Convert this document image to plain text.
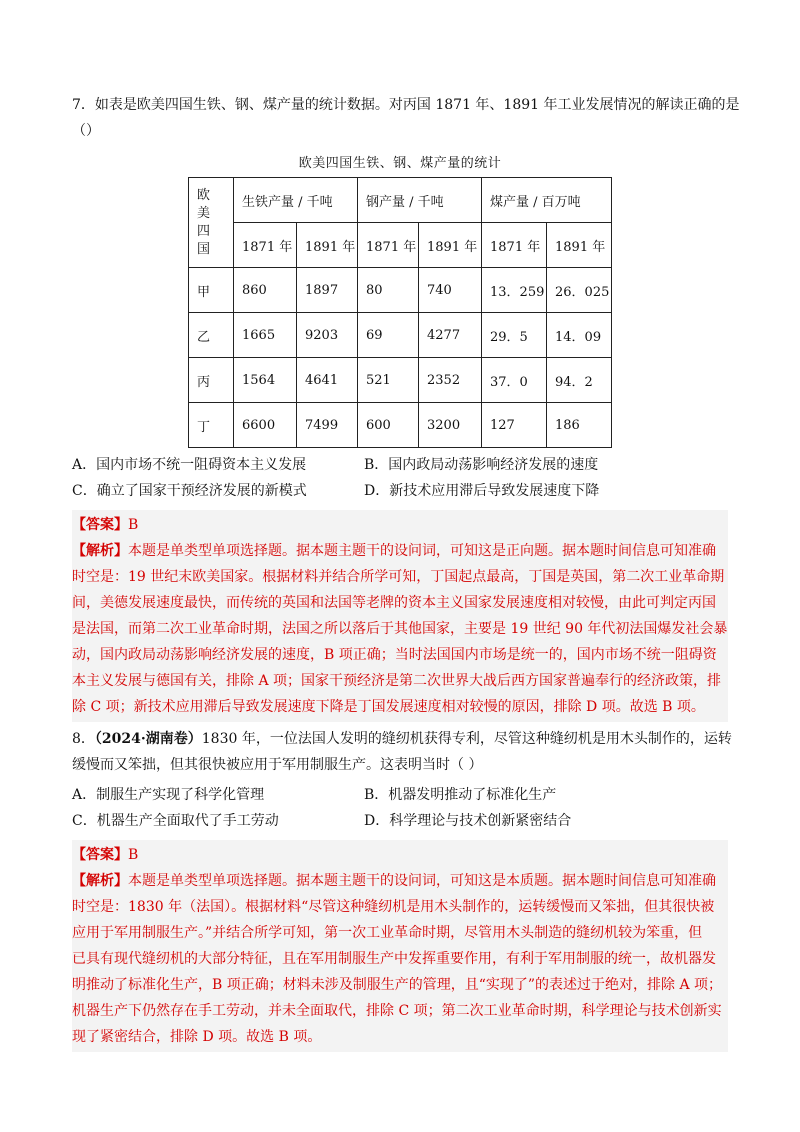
7．如表是欧美四国生铁、钢、煤产量的统计数据。对丙国 1871 年、1891 年工业发展情况的解读正确的是
（）
欧美四国生铁、钢、煤产量的统计
欧美四国	生铁产量 / 千吨		钢产量 / 千吨		煤产量 / 百万吨	
	1871 年	1891 年	1871 年	1891 年	1871 年	1891 年
甲	860	1897	80	740	13．259	26．025
乙	1665	9203	69	4277	29．5	14．09
丙	1564	4641	521	2352	37．0	94．2
丁	6600	7499	600	3200	127	186
A．国内市场不统一阻碍资本主义发展	B．国内政局动荡影响经济发展的速度
C．确立了国家干预经济发展的新模式	D．新技术应用滞后导致发展速度下降
【答案】B
【解析】本题是单类型单项选择题。据本题主题干的设问词，可知这是正向题。据本题时间信息可知准确
时空是：19 世纪末欧美国家。根据材料并结合所学可知，丁国起点最高，丁国是英国，第二次工业革命期
间，美德发展速度最快，而传统的英国和法国等老牌的资本主义国家发展速度相对较慢，由此可判定丙国
是法国，而第二次工业革命时期，法国之所以落后于其他国家，主要是 19 世纪 90 年代初法国爆发社会暴
动，国内政局动荡影响经济发展的速度，B 项正确；当时法国国内市场是统一的，国内市场不统一阻碍资
本主义发展与德国有关，排除 A 项；国家干预经济是第二次世界大战后西方国家普遍奉行的经济政策，排
除 C 项；新技术应用滞后导致发展速度下降是丁国发展速度相对较慢的原因，排除 D 项。故选 B 项。
8．（2024·湖南卷）1830 年，一位法国人发明的缝纫机获得专利，尽管这种缝纫机是用木头制作的，运转
缓慢而又笨拙，但其很快被应用于军用制服生产。这表明当时（ ）
A．制服生产实现了科学化管理	B．机器发明推动了标准化生产
C．机器生产全面取代了手工劳动	D．科学理论与技术创新紧密结合
【答案】B
【解析】本题是单类型单项选择题。据本题主题干的设问词，可知这是本质题。据本题时间信息可知准确
时空是：1830 年（法国）。根据材料“尽管这种缝纫机是用木头制作的，运转缓慢而又笨拙，但其很快被
应用于军用制服生产。”并结合所学可知，第一次工业革命时期，尽管用木头制造的缝纫机较为笨重，但
已具有现代缝纫机的大部分特征，且在军用制服生产中发挥重要作用，有利于军用制服的统一，故机器发
明推动了标准化生产，B 项正确；材料未涉及制服生产的管理，且“实现了”的表述过于绝对，排除 A 项；
机器生产下仍然存在手工劳动，并未全面取代，排除 C 项；第二次工业革命时期，科学理论与技术创新实
现了紧密结合，排除 D 项。故选 B 项。
